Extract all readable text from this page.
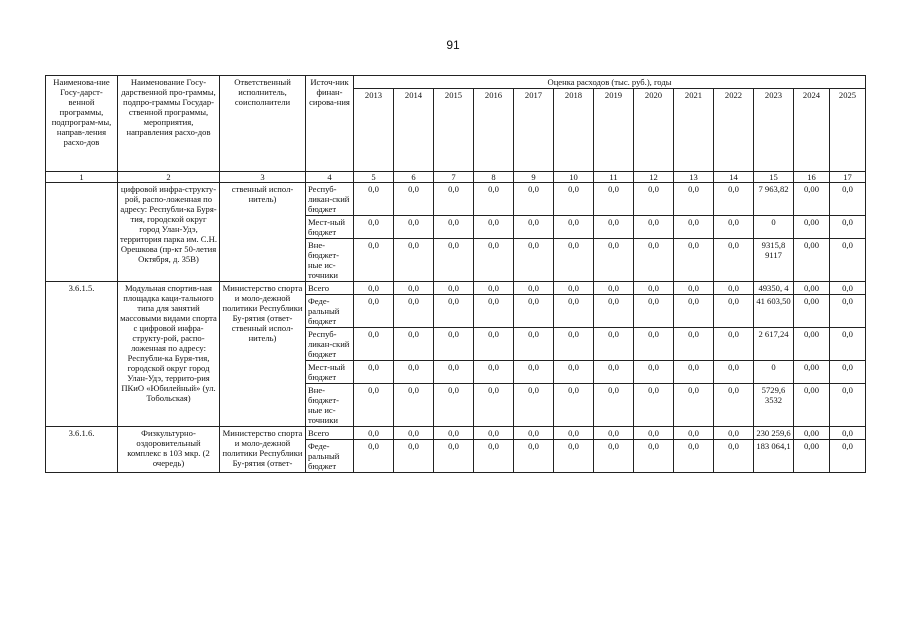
91
Наименова-ние Госу-дарст-венной программы, подпрограм-мы, направ-ления расхо-дов	Наименование Госу-дарственной про-граммы, подпро-граммы Государ-ственной программы, мероприятия, направления расхо-дов	Ответственный исполнитель, соисполнители	Источ-ник финан-сирова-ния	Оценка расходов (тыс. руб.), годы												
				2013	2014	2015	2016	2017	2018	2019	2020	2021	2022	2023	2024	2025
1	2	3	4	5	6	7	8	9	10	11	12	13	14	15	16	17
	цифровой инфра-структу-рой, распо-ложенная по адресу: Республи-ка Буря-тия, городской округ город Улан-Удэ, территория парка им. С.Н. Орешкова (пр-кт 50-летия Октября, д. 35В)	ственный испол-нитель)	Респуб-ликан-ский бюджет	0,0	0,0	0,0	0,0	0,0	0,0	0,0	0,0	0,0	0,0	7 963,82	0,00	0,0
			Мест-ный бюджет	0,0	0,0	0,0	0,0	0,0	0,0	0,0	0,0	0,0	0,0	0	0,00	0,0
			Вне-бюджет-ные ис-точники	0,0	0,0	0,0	0,0	0,0	0,0	0,0	0,0	0,0	0,0	9315,8 9117	0,00	0,0
3.6.1.5.	Модульная спортив-ная площадка каци-тального типа для занятий массовыми видами спорта с цифровой инфра-структу-рой, распо-ложенная по адресу: Республи-ка Буря-тия, городской округ город Улан-Удэ, террито-рия ПКиО «Юбилейный» (ул. Тобольская)	Министерство спорта и моло-дежной политики Республики Бу-рятия (ответ-ственный испол-нитель)	Всего	0,0	0,0	0,0	0,0	0,0	0,0	0,0	0,0	0,0	0,0	49350, 4	0,00	0,0
			Феде-ральный бюджет	0,0	0,0	0,0	0,0	0,0	0,0	0,0	0,0	0,0	0,0	41 603,50	0,00	0,0
			Респуб-ликан-ский бюджет	0,0	0,0	0,0	0,0	0,0	0,0	0,0	0,0	0,0	0,0	2 617,24	0,00	0,0
			Мест-ный бюджет	0,0	0,0	0,0	0,0	0,0	0,0	0,0	0,0	0,0	0,0	0	0,00	0,0
			Вне-бюджет-ные ис-точники	0,0	0,0	0,0	0,0	0,0	0,0	0,0	0,0	0,0	0,0	5729,6 3532	0,00	0,0
3.6.1.6.	Физкультурно-оздоровительный комплекс в 103 мкр. (2 очередь)	Министерство спорта и моло-дежной политики Республики Бу-рятия (ответ-	Всего	0,0	0,0	0,0	0,0	0,0	0,0	0,0	0,0	0,0	0,0	230 259,6	0,00	0,0
			Феде-ральный бюджет	0,0	0,0	0,0	0,0	0,0	0,0	0,0	0,0	0,0	0,0	183 064,1	0,00	0,0
